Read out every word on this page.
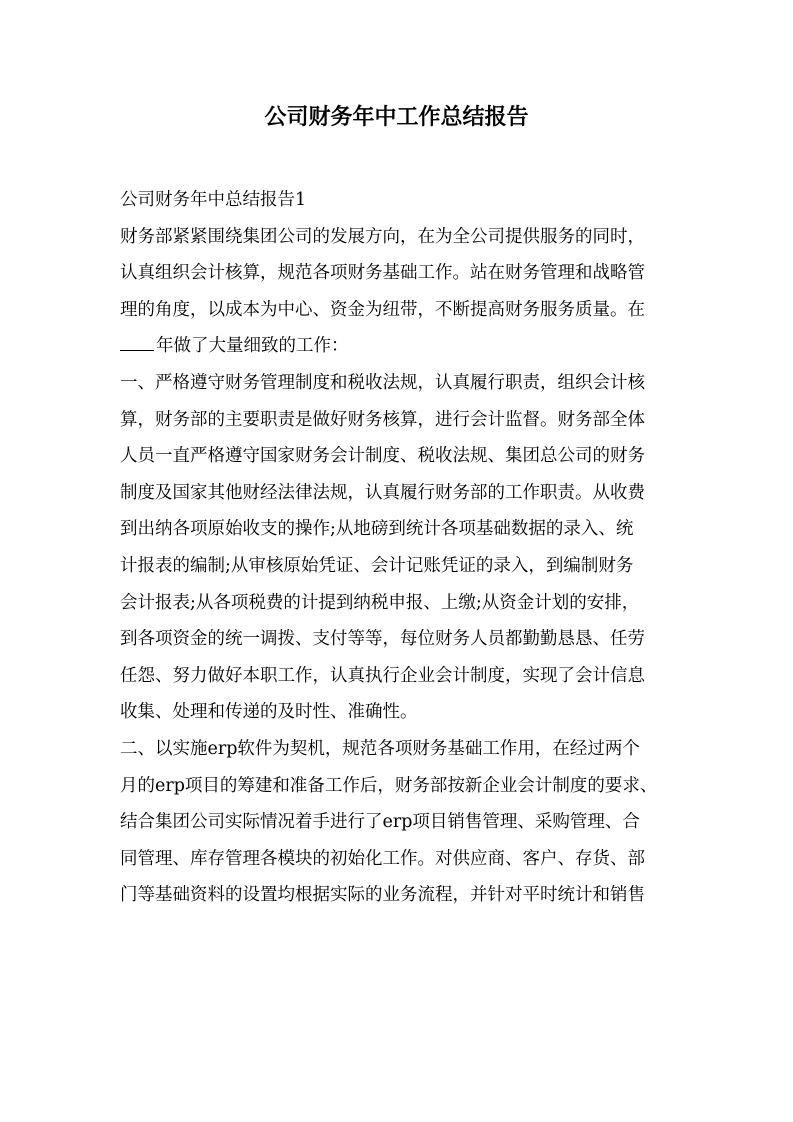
公司财务年中工作总结报告
公司财务年中总结报告1
财务部紧紧围绕集团公司的发展方向，在为全公司提供服务的同时，
认真组织会计核算，规范各项财务基础工作。站在财务管理和战略管
理的角度，以成本为中心、资金为纽带，不断提高财务服务质量。在
年做了大量细致的工作：
一、严格遵守财务管理制度和税收法规，认真履行职责，组织会计核
算，财务部的主要职责是做好财务核算，进行会计监督。财务部全体
人员一直严格遵守国家财务会计制度、税收法规、集团总公司的财务
制度及国家其他财经法律法规，认真履行财务部的工作职责。从收费
到出纳各项原始收支的操作;从地磅到统计各项基础数据的录入、统
计报表的编制;从审核原始凭证、会计记账凭证的录入，到编制财务
会计报表;从各项税费的计提到纳税申报、上缴;从资金计划的安排，
到各项资金的统一调拨、支付等等，每位财务人员都勤勤恳恳、任劳
任怨、努力做好本职工作，认真执行企业会计制度，实现了会计信息
收集、处理和传递的及时性、准确性。
二、以实施erp软件为契机，规范各项财务基础工作用，在经过两个
月的erp项目的筹建和准备工作后，财务部按新企业会计制度的要求、
结合集团公司实际情况着手进行了erp项目销售管理、采购管理、合
同管理、库存管理各模块的初始化工作。对供应商、客户、存货、部
门等基础资料的设置均根据实际的业务流程，并针对平时统计和销售
